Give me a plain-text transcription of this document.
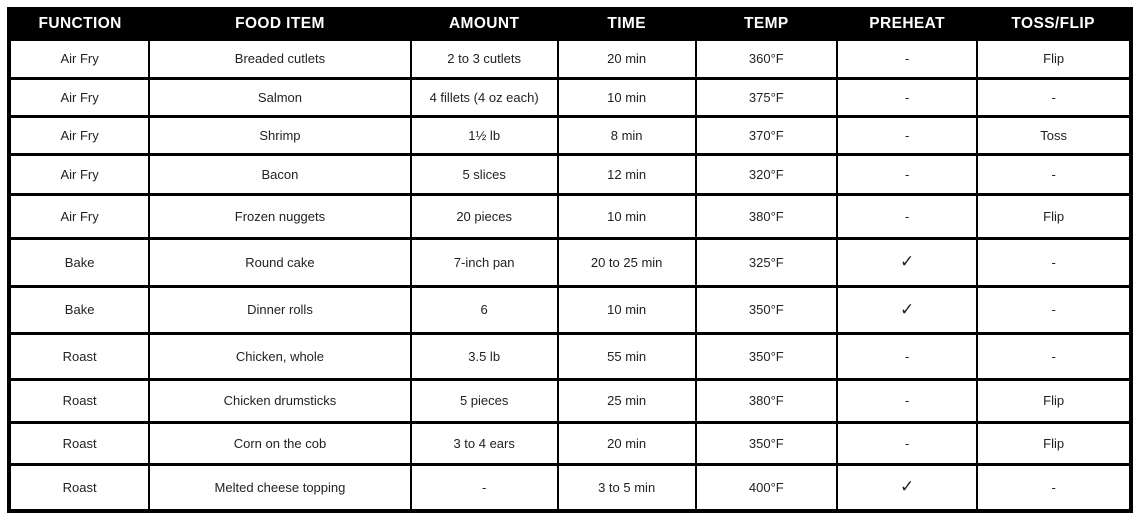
FUNCTION	FOOD ITEM	AMOUNT	TIME	TEMP	PREHEAT	TOSS/FLIP
Air Fry	Breaded cutlets	2 to 3 cutlets	20 min	360°F	-	Flip
Air Fry	Salmon	4 fillets (4 oz each)	10 min	375°F	-	-
Air Fry	Shrimp	1½ lb	8 min	370°F	-	Toss
Air Fry	Bacon	5 slices	12 min	320°F	-	-
Air Fry	Frozen nuggets	20 pieces	10 min	380°F	-	Flip
Bake	Round cake	7-inch pan	20 to 25 min	325°F	✓	-
Bake	Dinner rolls	6	10 min	350°F	✓	-
Roast	Chicken, whole	3.5 lb	55 min	350°F	-	-
Roast	Chicken drumsticks	5 pieces	25 min	380°F	-	Flip
Roast	Corn on the cob	3 to 4 ears	20 min	350°F	-	Flip
Roast	Melted cheese topping	-	3 to 5 min	400°F	✓	-
